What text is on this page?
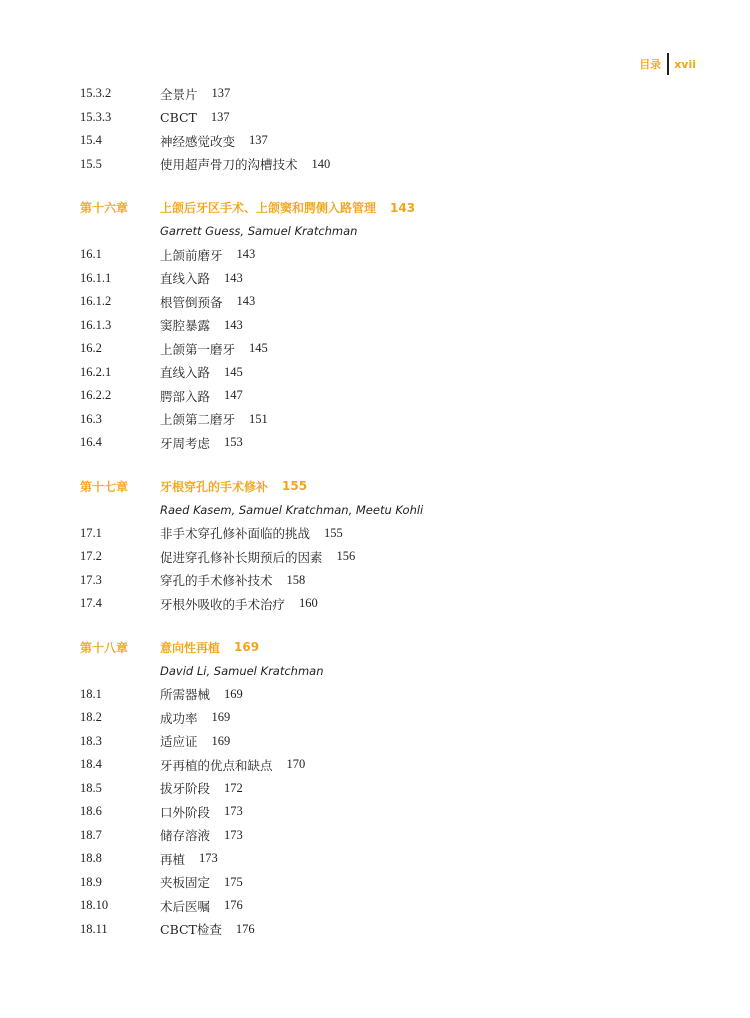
目录 xvii
15.3.2	全景片 137
15.3.3	CBCT 137
15.4	神经感觉改变 137
15.5	使用超声骨刀的沟槽技术 140
第十六章	上颌后牙区手术、上颌窦和腭侧入路管理 143
Garrett Guess, Samuel Kratchman
16.1	上颌前磨牙 143
16.1.1	直线入路 143
16.1.2	根管倒预备 143
16.1.3	窦腔暴露 143
16.2	上颌第一磨牙 145
16.2.1	直线入路 145
16.2.2	腭部入路 147
16.3	上颌第二磨牙 151
16.4	牙周考虑 153
第十七章	牙根穿孔的手术修补 155
Raed Kasem, Samuel Kratchman, Meetu Kohli
17.1	非手术穿孔修补面临的挑战 155
17.2	促进穿孔修补长期预后的因素 156
17.3	穿孔的手术修补技术 158
17.4	牙根外吸收的手术治疗 160
第十八章	意向性再植 169
David Li, Samuel Kratchman
18.1	所需器械 169
18.2	成功率 169
18.3	适应证 169
18.4	牙再植的优点和缺点 170
18.5	拔牙阶段 172
18.6	口外阶段 173
18.7	储存溶液 173
18.8	再植 173
18.9	夹板固定 175
18.10	术后医嘱 176
18.11	CBCT检查 176
